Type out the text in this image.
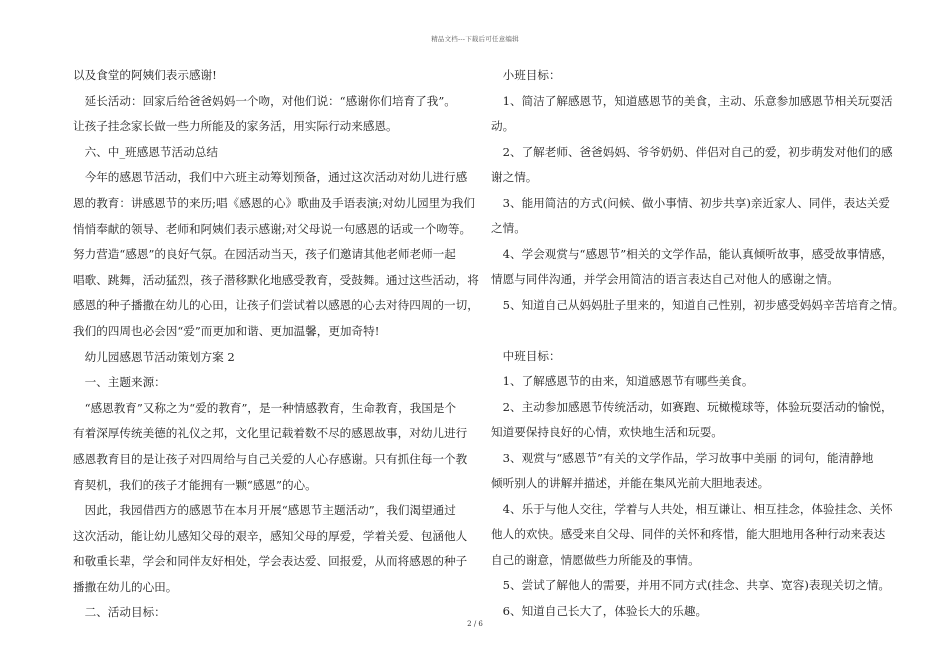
精品文档---下载后可任意编辑

以及食堂的阿姨们表示感谢!

　延长活动：回家后给爸爸妈妈一个吻，对他们说：“感谢你们培育了我”。

让孩子挂念家长做一些力所能及的家务活，用实际行动来感恩。

　六、中_班感恩节活动总结

　今年的感恩节活动，我们中六班主动筹划预备，通过这次活动对幼儿进行感

恩的教育：讲感恩节的来历;唱《感恩的心》歌曲及手语表演;对幼儿园里为我们

悄悄奉献的领导、老师和阿姨们表示感谢;对父母说一句感恩的话或一个吻等。

努力营造“感恩”的良好气氛。在园活动当天，孩子们邀请其他老师老师一起

唱歌、跳舞，活动猛烈，孩子潜移默化地感受教育，受鼓舞。通过这些活动，将

感恩的种子播撒在幼儿的心田，让孩子们尝试着以感恩的心去对待四周的一切，

我们的四周也必会因“爱”而更加和谐、更加温馨，更加奇特!

　幼儿园感恩节活动策划方案 2

　一、主题来源：

　“感恩教育”又称之为“爱的教育”，是一种情感教育，生命教育，我国是个

有着深厚传统美德的礼仪之邦，文化里记载着数不尽的感恩故事，对幼儿进行

感恩教育目的是让孩子对四周给与自己关爱的人心存感谢。只有抓住每一个教

育契机，我们的孩子才能拥有一颗“感恩”的心。

　因此，我园借西方的感恩节在本月开展“感恩节主题活动”，我们渴望通过

这次活动，能让幼儿感知父母的艰辛，感知父母的厚爱，学着关爱、包涵他人

和敬重长辈，学会和同伴友好相处，学会表达爱、回报爱，从而将感恩的种子

播撒在幼儿的心田。

　二、活动目标：

　小班目标：

　1、简洁了解感恩节，知道感恩节的美食，主动、乐意参加感恩节相关玩耍活

动。

　2、了解老师、爸爸妈妈、爷爷奶奶、伴侣对自己的爱，初步萌发对他们的感

谢之情。

　3、能用简洁的方式(问候、做小事情、初步共享)亲近家人、同伴，表达关爱

之情。

　4、学会观赏与“感恩节”相关的文学作品，能认真倾听故事，感受故事情感，

情愿与同伴沟通，并学会用简洁的语言表达自己对他人的感谢之情。

　5、知道自己从妈妈肚子里来的，知道自己性别，初步感受妈妈辛苦培育之情。

　中班目标：

　1、了解感恩节的由来，知道感恩节有哪些美食。

　2、主动参加感恩节传统活动，如赛跑、玩橄榄球等，体验玩耍活动的愉悦，

知道要保持良好的心情，欢快地生活和玩耍。

　3、观赏与“感恩节”有关的文学作品，学习故事中美丽 的词句，能清静地

倾听别人的讲解并描述，并能在集风光前大胆地表述。

　4、乐于与他人交往，学着与人共处，相互谦让、相互挂念，体验挂念、关怀

他人的欢快。感受来自父母、同伴的关怀和疼惜，能大胆地用各种行动来表达

自己的谢意，情愿做些力所能及的事情。

　5、尝试了解他人的需要，并用不同方式(挂念、共享、宽容)表现关切之情。

　6、知道自己长大了，体验长大的乐趣。

2 / 6
